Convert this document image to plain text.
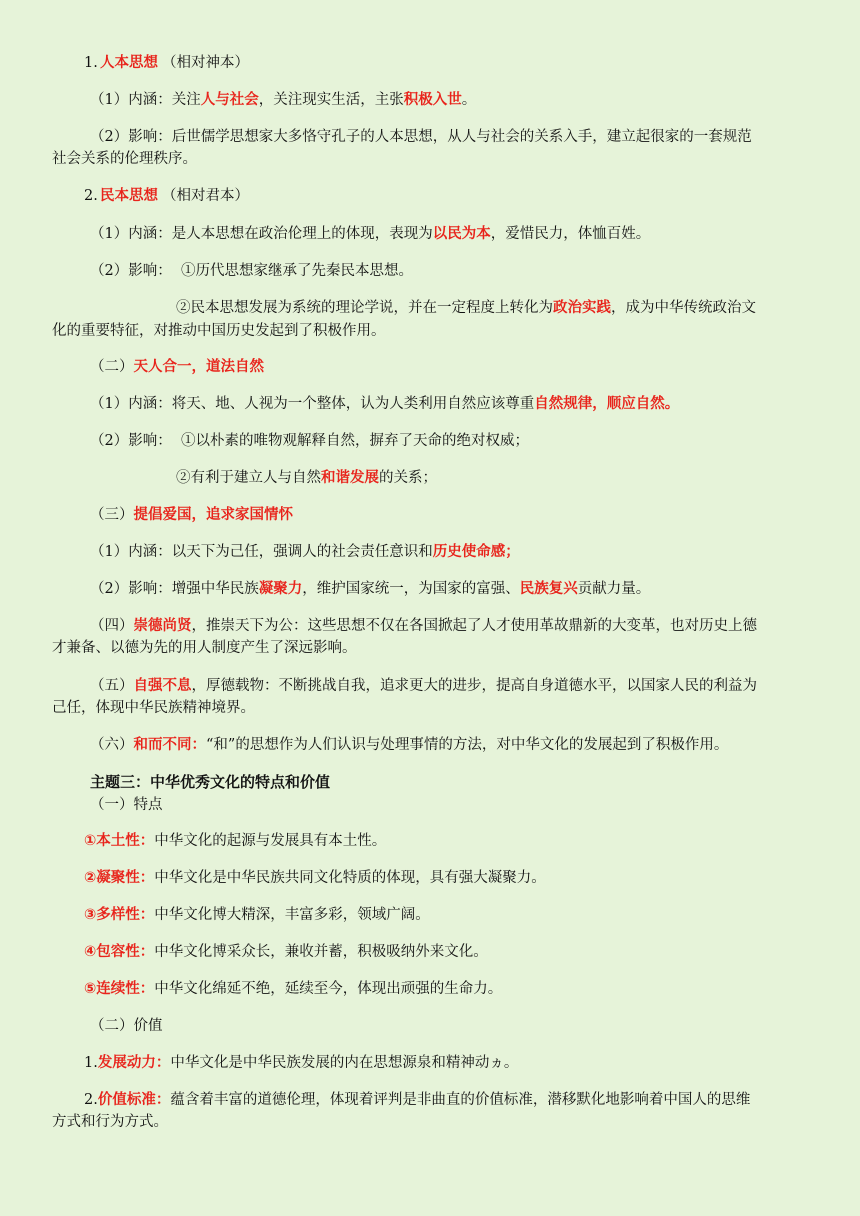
1. 人本思想 （相对神本）
（1）内涵：关注人与社会，关注现实生活，主张积极入世。
（2）影响：后世儒学思想家大多恪守孔子的人本思想，从人与社会的关系入手，建立起很家的一套规范
社会关系的伦理秩序。
2. 民本思想 （相对君本）
（1）内涵：是人本思想在政治伦理上的体现，表现为以民为本，爱惜民力，体恤百姓。
（2）影响：  ①历代思想家继承了先秦民本思想。
②民本思想发展为系统的理论学说，并在一定程度上转化为政治实践，成为中华传统政治文
化的重要特征，对推动中国历史发起到了积极作用。
（二）天人合一，道法自然
（1）内涵：将天、地、人视为一个整体，认为人类利用自然应该尊重自然规律，顺应自然。
（2）影响：  ①以朴素的唯物观解释自然，摒弃了天命的绝对权威；
②有利于建立人与自然和谐发展的关系；
（三）提倡爱国，追求家国情怀
（1）内涵：以天下为己任，强调人的社会责任意识和历史使命感；
（2）影响：增强中华民族凝聚力，维护国家统一，为国家的富强、民族复兴贡献力量。
（四）崇德尚贤，推崇天下为公：这些思想不仅在各国掀起了人才使用革故鼎新的大变革，也对历史上德
才兼备、以德为先的用人制度产生了深远影响。
（五）自强不息，厚德载物：不断挑战自我，追求更大的进步，提高自身道德水平，以国家人民的利益为
己任，体现中华民族精神境界。
（六）和而不同：“和”的思想作为人们认识与处理事情的方法，对中华文化的发展起到了积极作用。
主题三：中华优秀文化的特点和价值
（一）特点
①本土性：中华文化的起源与发展具有本土性。
②凝聚性：中华文化是中华民族共同文化特质的体现，具有强大凝聚力。
③多样性：中华文化博大精深，丰富多彩，领域广阔。
④包容性：中华文化博采众长，兼收并蓄，积极吸纳外来文化。
⑤连续性：中华文化绵延不绝，延续至今，体现出顽强的生命力。
（二）价值
1.发展动力：中华文化是中华民族发展的内在思想源泉和精神动ヵ。
2.价值标准：蕴含着丰富的道德伦理，体现着评判是非曲直的价值标准，潜移默化地影响着中国人的思维
方式和行为方式。
